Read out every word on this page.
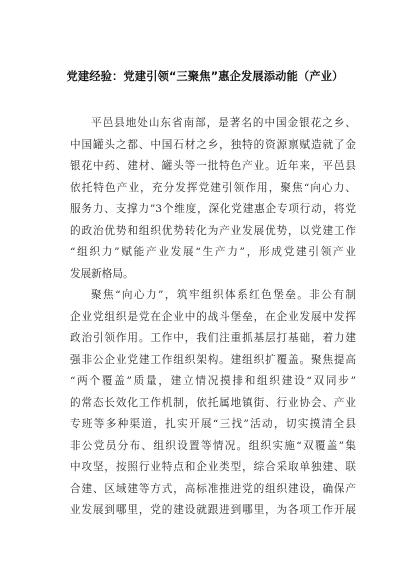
党建经验：党建引领“三聚焦”惠企发展添动能（产业）
平邑县地处山东省南部，是著名的中国金银花之乡、
中国罐头之都、中国石材之乡，独特的资源禀赋造就了金
银花中药、建材、罐头等一批特色产业。近年来，平邑县
依托特色产业，充分发挥党建引领作用，聚焦“向心力、
服务力、支撑力”3个维度，深化党建惠企专项行动，将党
的政治优势和组织优势转化为产业发展优势，以党建工作
“组织力”赋能产业发展“生产力”，形成党建引领产业
发展新格局。
聚焦“向心力”，筑牢组织体系红色堡垒。非公有制
企业党组织是党在企业中的战斗堡垒，在企业发展中发挥
政治引领作用。工作中，我们注重抓基层打基础，着力建
强非公企业党建工作组织架构。建组织扩覆盖。聚焦提高
“两个覆盖”质量，建立情况摸排和组织建设“双同步”
的常态长效化工作机制，依托属地镇街、行业协会、产业
专班等多种渠道，扎实开展“三找”活动，切实摸清全县
非公党员分布、组织设置等情况。组织实施“双覆盖”集
中攻坚，按照行业特点和企业类型，综合采取单独建、联
合建、区域建等方式，高标准推进党的组织建设，确保产
业发展到哪里，党的建设就跟进到哪里，为各项工作开展
